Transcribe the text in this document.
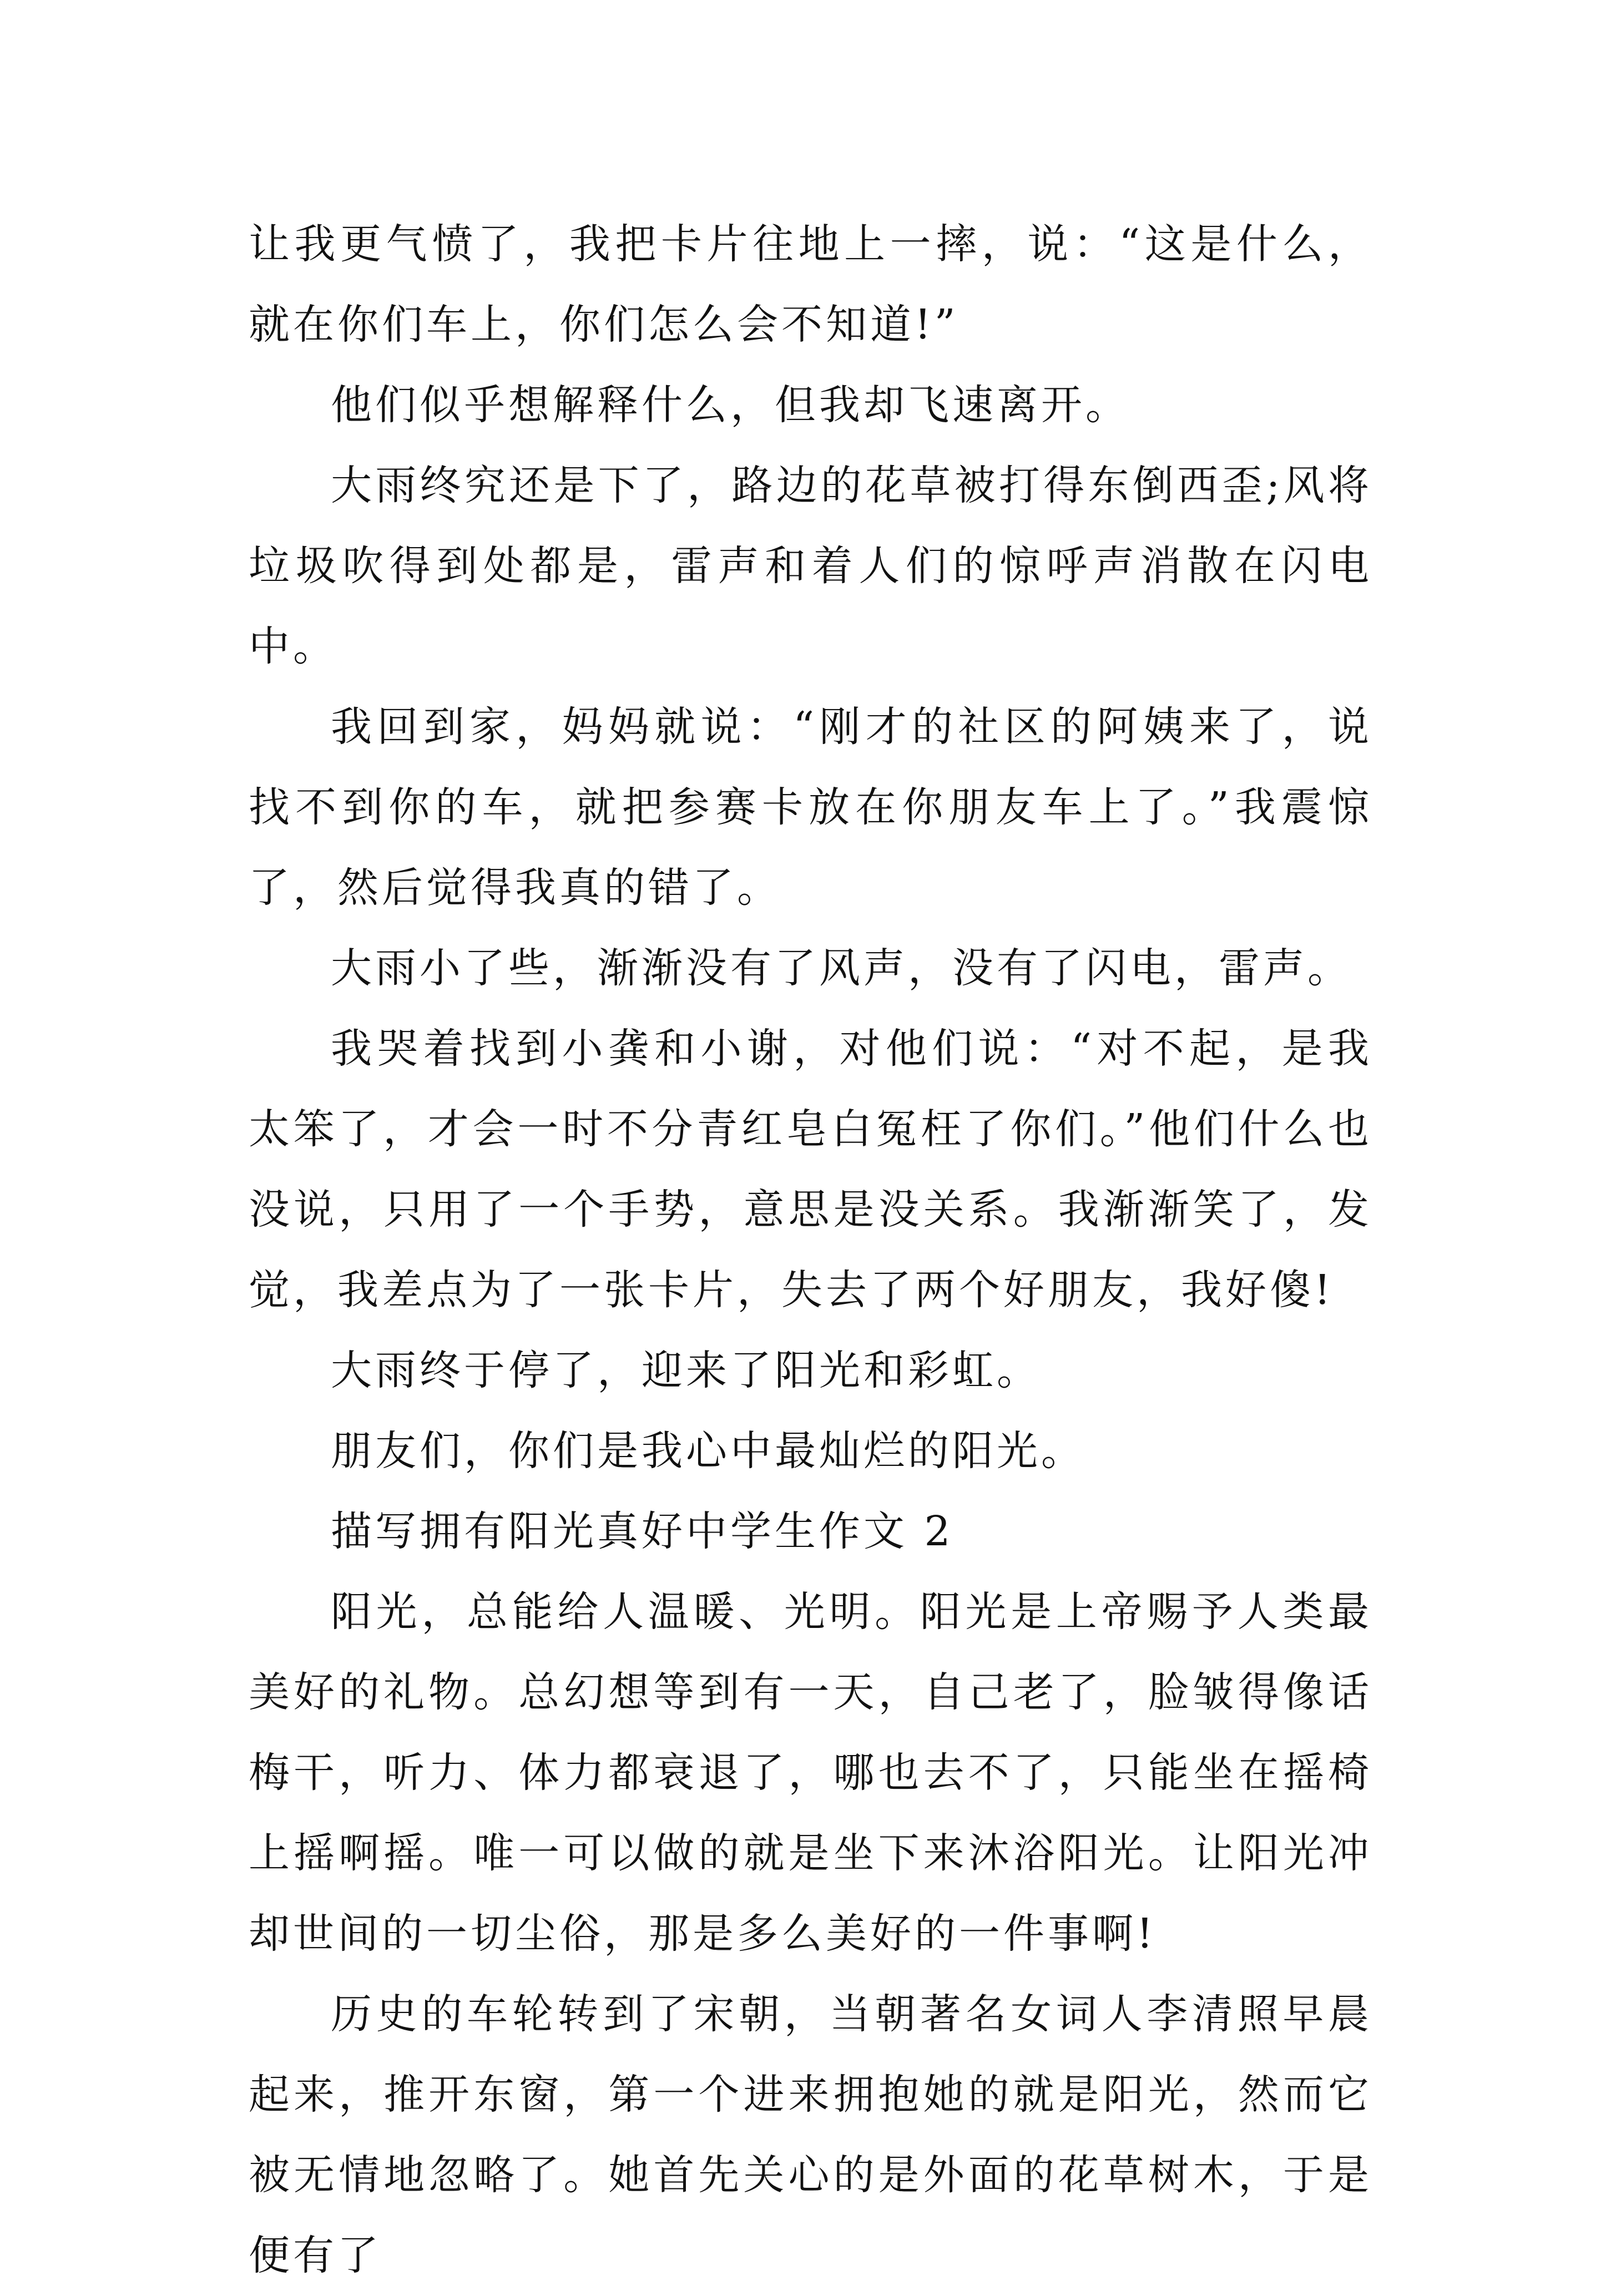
让我更气愤了，我把卡片往地上一摔，说：“这是什么，就在你们车上，你们怎么会不知道!”

他们似乎想解释什么，但我却飞速离开。

大雨终究还是下了，路边的花草被打得东倒西歪;风将垃圾吹得到处都是，雷声和着人们的惊呼声消散在闪电中。

我回到家，妈妈就说：“刚才的社区的阿姨来了，说找不到你的车，就把参赛卡放在你朋友车上了。”我震惊了，然后觉得我真的错了。

大雨小了些，渐渐没有了风声，没有了闪电，雷声。

我哭着找到小龚和小谢，对他们说：“对不起，是我太笨了，才会一时不分青红皂白冤枉了你们。”他们什么也没说，只用了一个手势，意思是没关系。我渐渐笑了，发觉，我差点为了一张卡片，失去了两个好朋友，我好傻!

大雨终于停了，迎来了阳光和彩虹。

朋友们，你们是我心中最灿烂的阳光。

描写拥有阳光真好中学生作文 2

阳光，总能给人温暖、光明。阳光是上帝赐予人类最美好的礼物。总幻想等到有一天，自己老了，脸皱得像话梅干，听力、体力都衰退了，哪也去不了，只能坐在摇椅上摇啊摇。唯一可以做的就是坐下来沐浴阳光。让阳光冲却世间的一切尘俗，那是多么美好的一件事啊!

历史的车轮转到了宋朝，当朝著名女词人李清照早晨起来，推开东窗，第一个进来拥抱她的就是阳光，然而它被无情地忽略了。她首先关心的是外面的花草树木，于是便有了
